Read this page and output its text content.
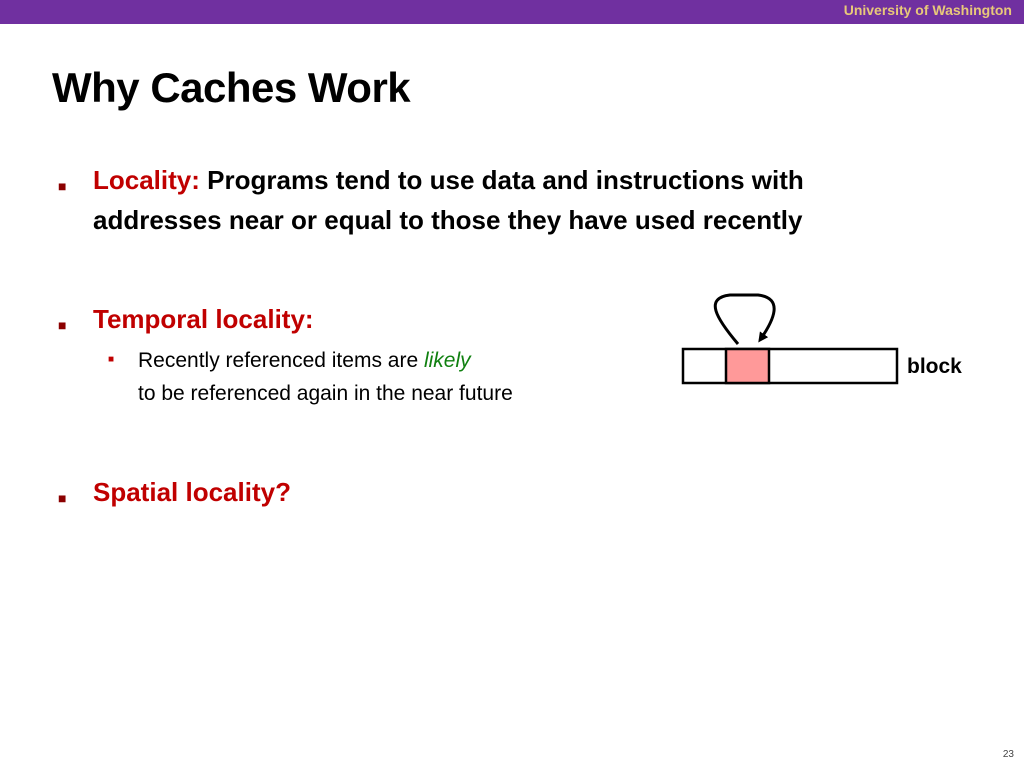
University of Washington
Why Caches Work
■ Locality: Programs tend to use data and instructions with
addresses near or equal to those they have used recently
■ Temporal locality:
■ Recently referenced items are likely
to be referenced again in the near future
■ Spatial locality?
block
23
